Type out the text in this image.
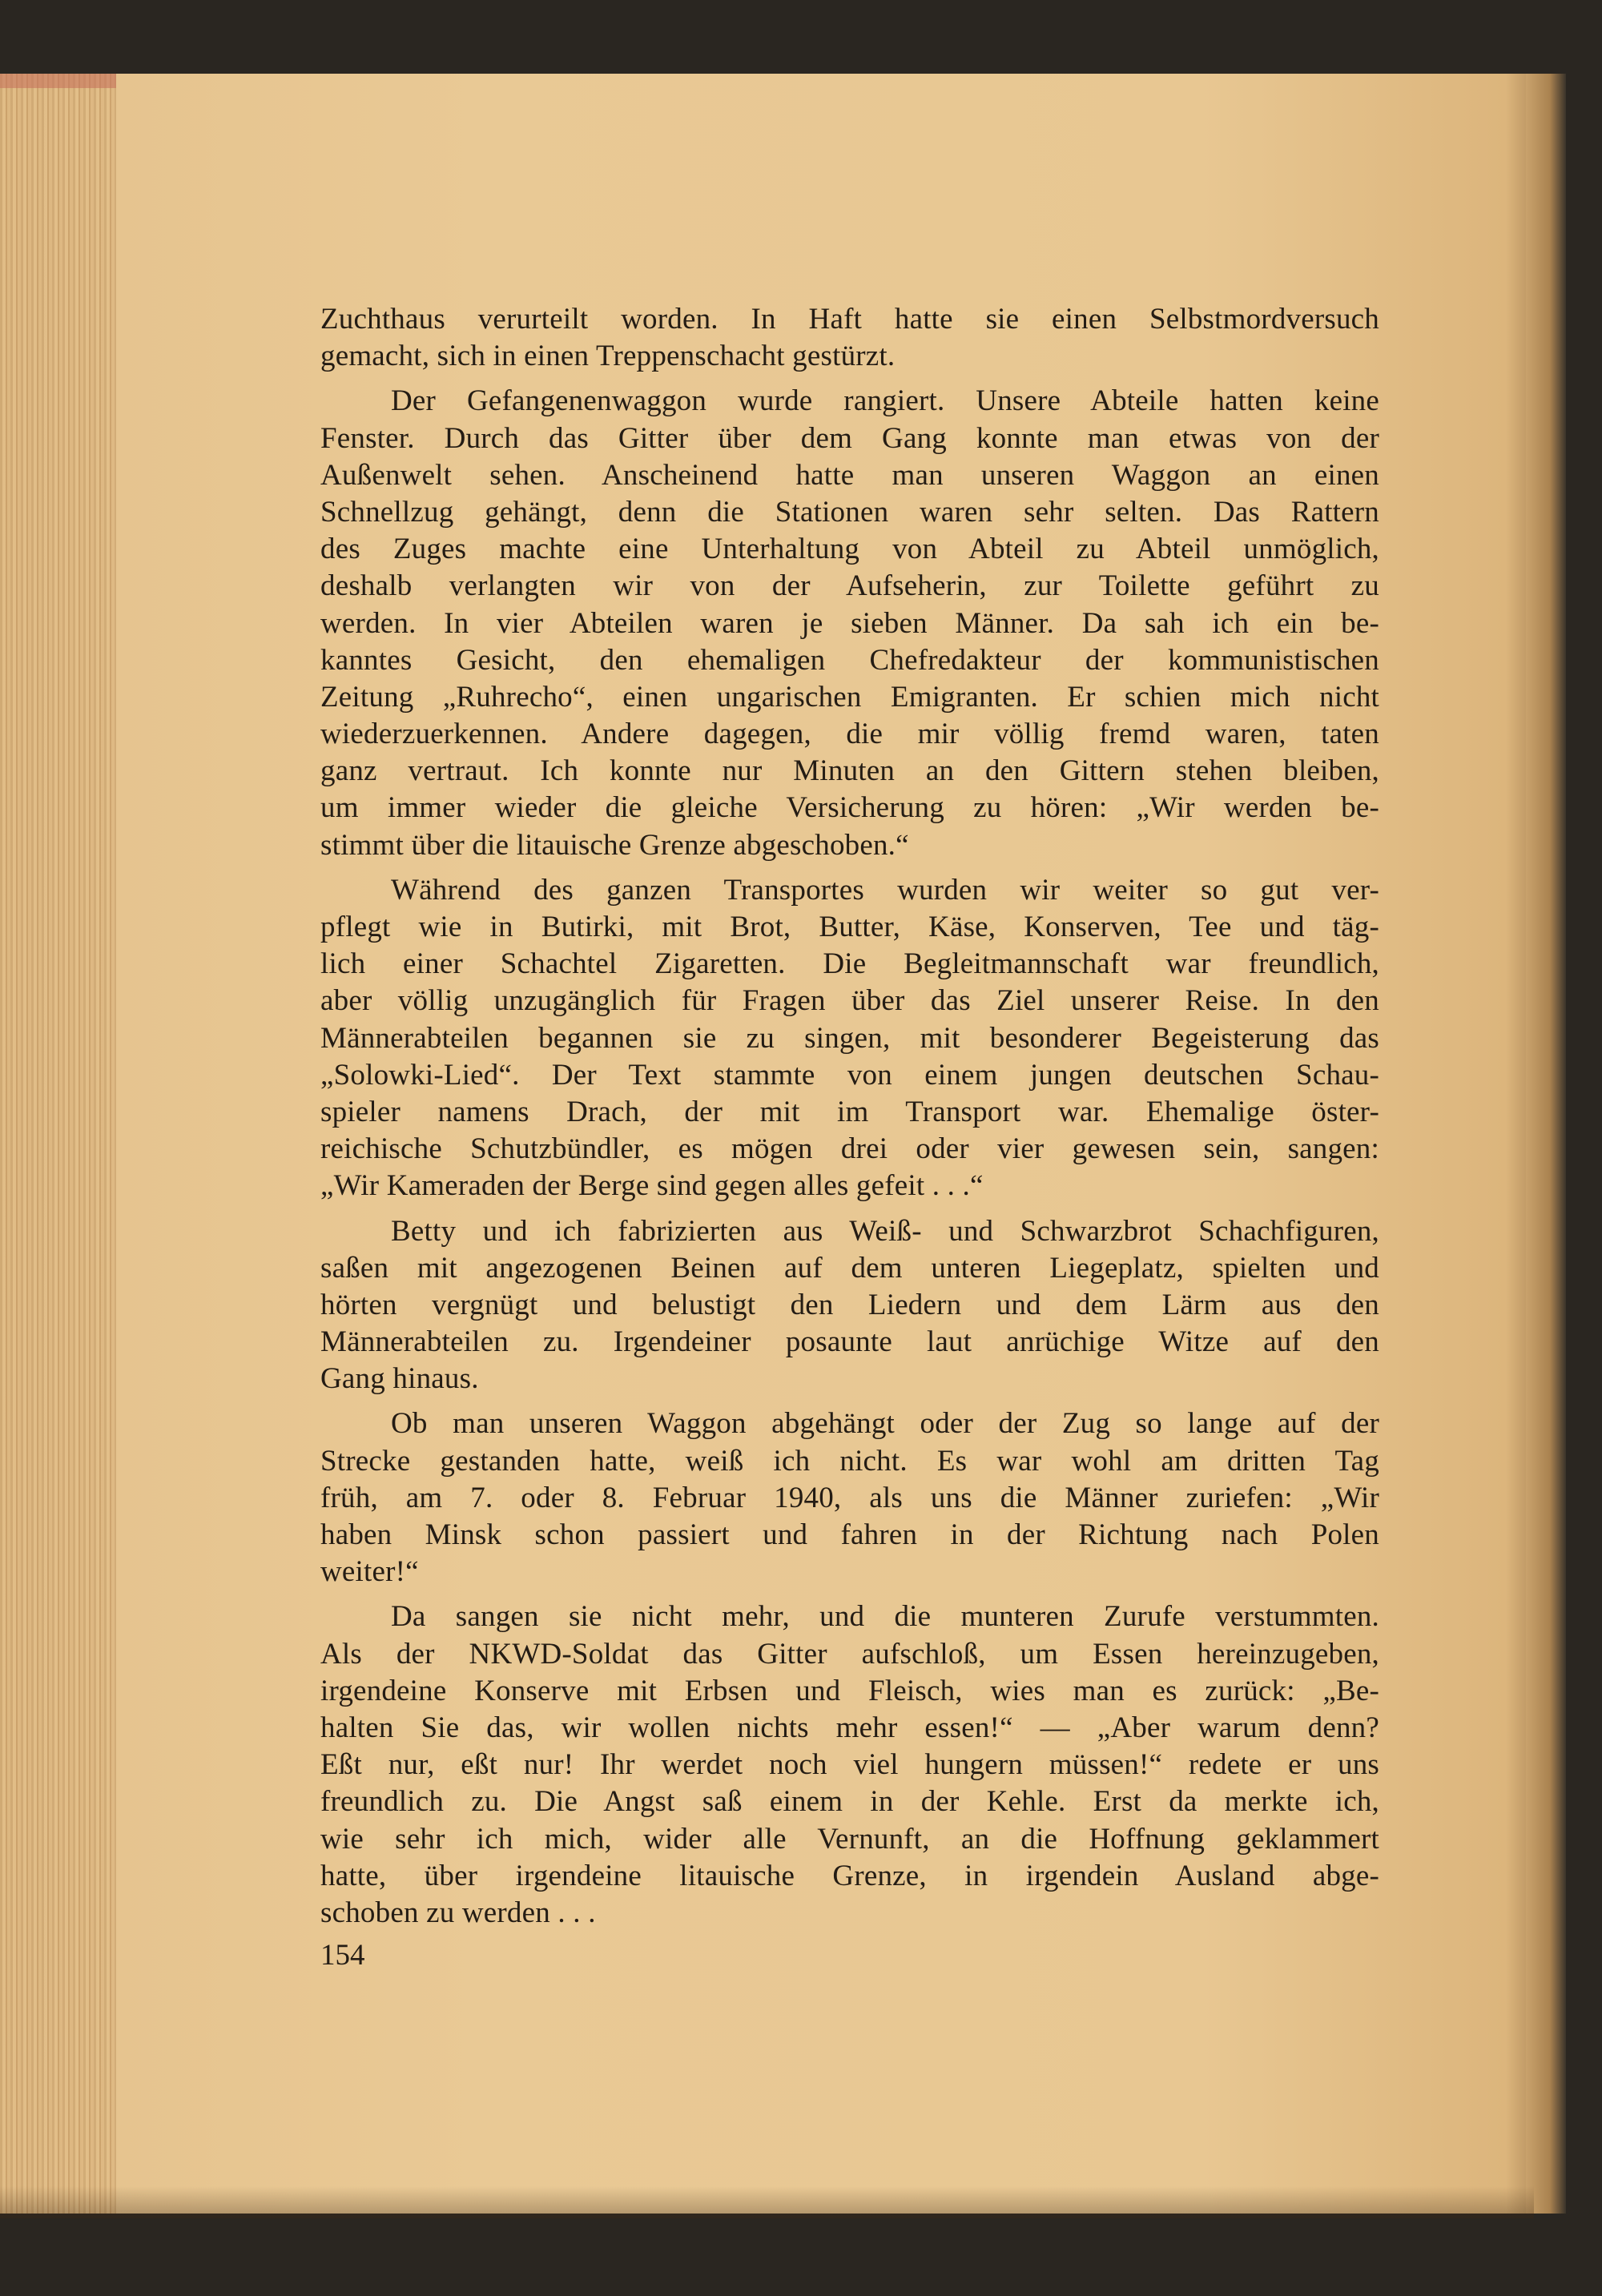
Zuchthaus verurteilt worden. In Haft hatte sie einen Selbstmordversuch
gemacht, sich in einen Treppenschacht gestürzt.
Der Gefangenenwaggon wurde rangiert. Unsere Abteile hatten keine
Fenster. Durch das Gitter über dem Gang konnte man etwas von der
Außenwelt sehen. Anscheinend hatte man unseren Waggon an einen
Schnellzug gehängt, denn die Stationen waren sehr selten. Das Rattern
des Zuges machte eine Unterhaltung von Abteil zu Abteil unmöglich,
deshalb verlangten wir von der Aufseherin, zur Toilette geführt zu
werden. In vier Abteilen waren je sieben Männer. Da sah ich ein be-
kanntes Gesicht, den ehemaligen Chefredakteur der kommunistischen
Zeitung „Ruhrecho“, einen ungarischen Emigranten. Er schien mich nicht
wiederzuerkennen. Andere dagegen, die mir völlig fremd waren, taten
ganz vertraut. Ich konnte nur Minuten an den Gittern stehen bleiben,
um immer wieder die gleiche Versicherung zu hören: „Wir werden be-
stimmt über die litauische Grenze abgeschoben.“
Während des ganzen Transportes wurden wir weiter so gut ver-
pflegt wie in Butirki, mit Brot, Butter, Käse, Konserven, Tee und täg-
lich einer Schachtel Zigaretten. Die Begleitmannschaft war freundlich,
aber völlig unzugänglich für Fragen über das Ziel unserer Reise. In den
Männerabteilen begannen sie zu singen, mit besonderer Begeisterung das
„Solowki-Lied“. Der Text stammte von einem jungen deutschen Schau-
spieler namens Drach, der mit im Transport war. Ehemalige öster-
reichische Schutzbündler, es mögen drei oder vier gewesen sein, sangen:
„Wir Kameraden der Berge sind gegen alles gefeit . . .“
Betty und ich fabrizierten aus Weiß- und Schwarzbrot Schachfiguren,
saßen mit angezogenen Beinen auf dem unteren Liegeplatz, spielten und
hörten vergnügt und belustigt den Liedern und dem Lärm aus den
Männerabteilen zu. Irgendeiner posaunte laut anrüchige Witze auf den
Gang hinaus.
Ob man unseren Waggon abgehängt oder der Zug so lange auf der
Strecke gestanden hatte, weiß ich nicht. Es war wohl am dritten Tag
früh, am 7. oder 8. Februar 1940, als uns die Männer zuriefen: „Wir
haben Minsk schon passiert und fahren in der Richtung nach Polen
weiter!“
Da sangen sie nicht mehr, und die munteren Zurufe verstummten.
Als der NKWD-Soldat das Gitter aufschloß, um Essen hereinzugeben,
irgendeine Konserve mit Erbsen und Fleisch, wies man es zurück: „Be-
halten Sie das, wir wollen nichts mehr essen!“ — „Aber warum denn?
Eßt nur, eßt nur! Ihr werdet noch viel hungern müssen!“ redete er uns
freundlich zu. Die Angst saß einem in der Kehle. Erst da merkte ich,
wie sehr ich mich, wider alle Vernunft, an die Hoffnung geklammert
hatte, über irgendeine litauische Grenze, in irgendein Ausland abge-
schoben zu werden . . .
154
